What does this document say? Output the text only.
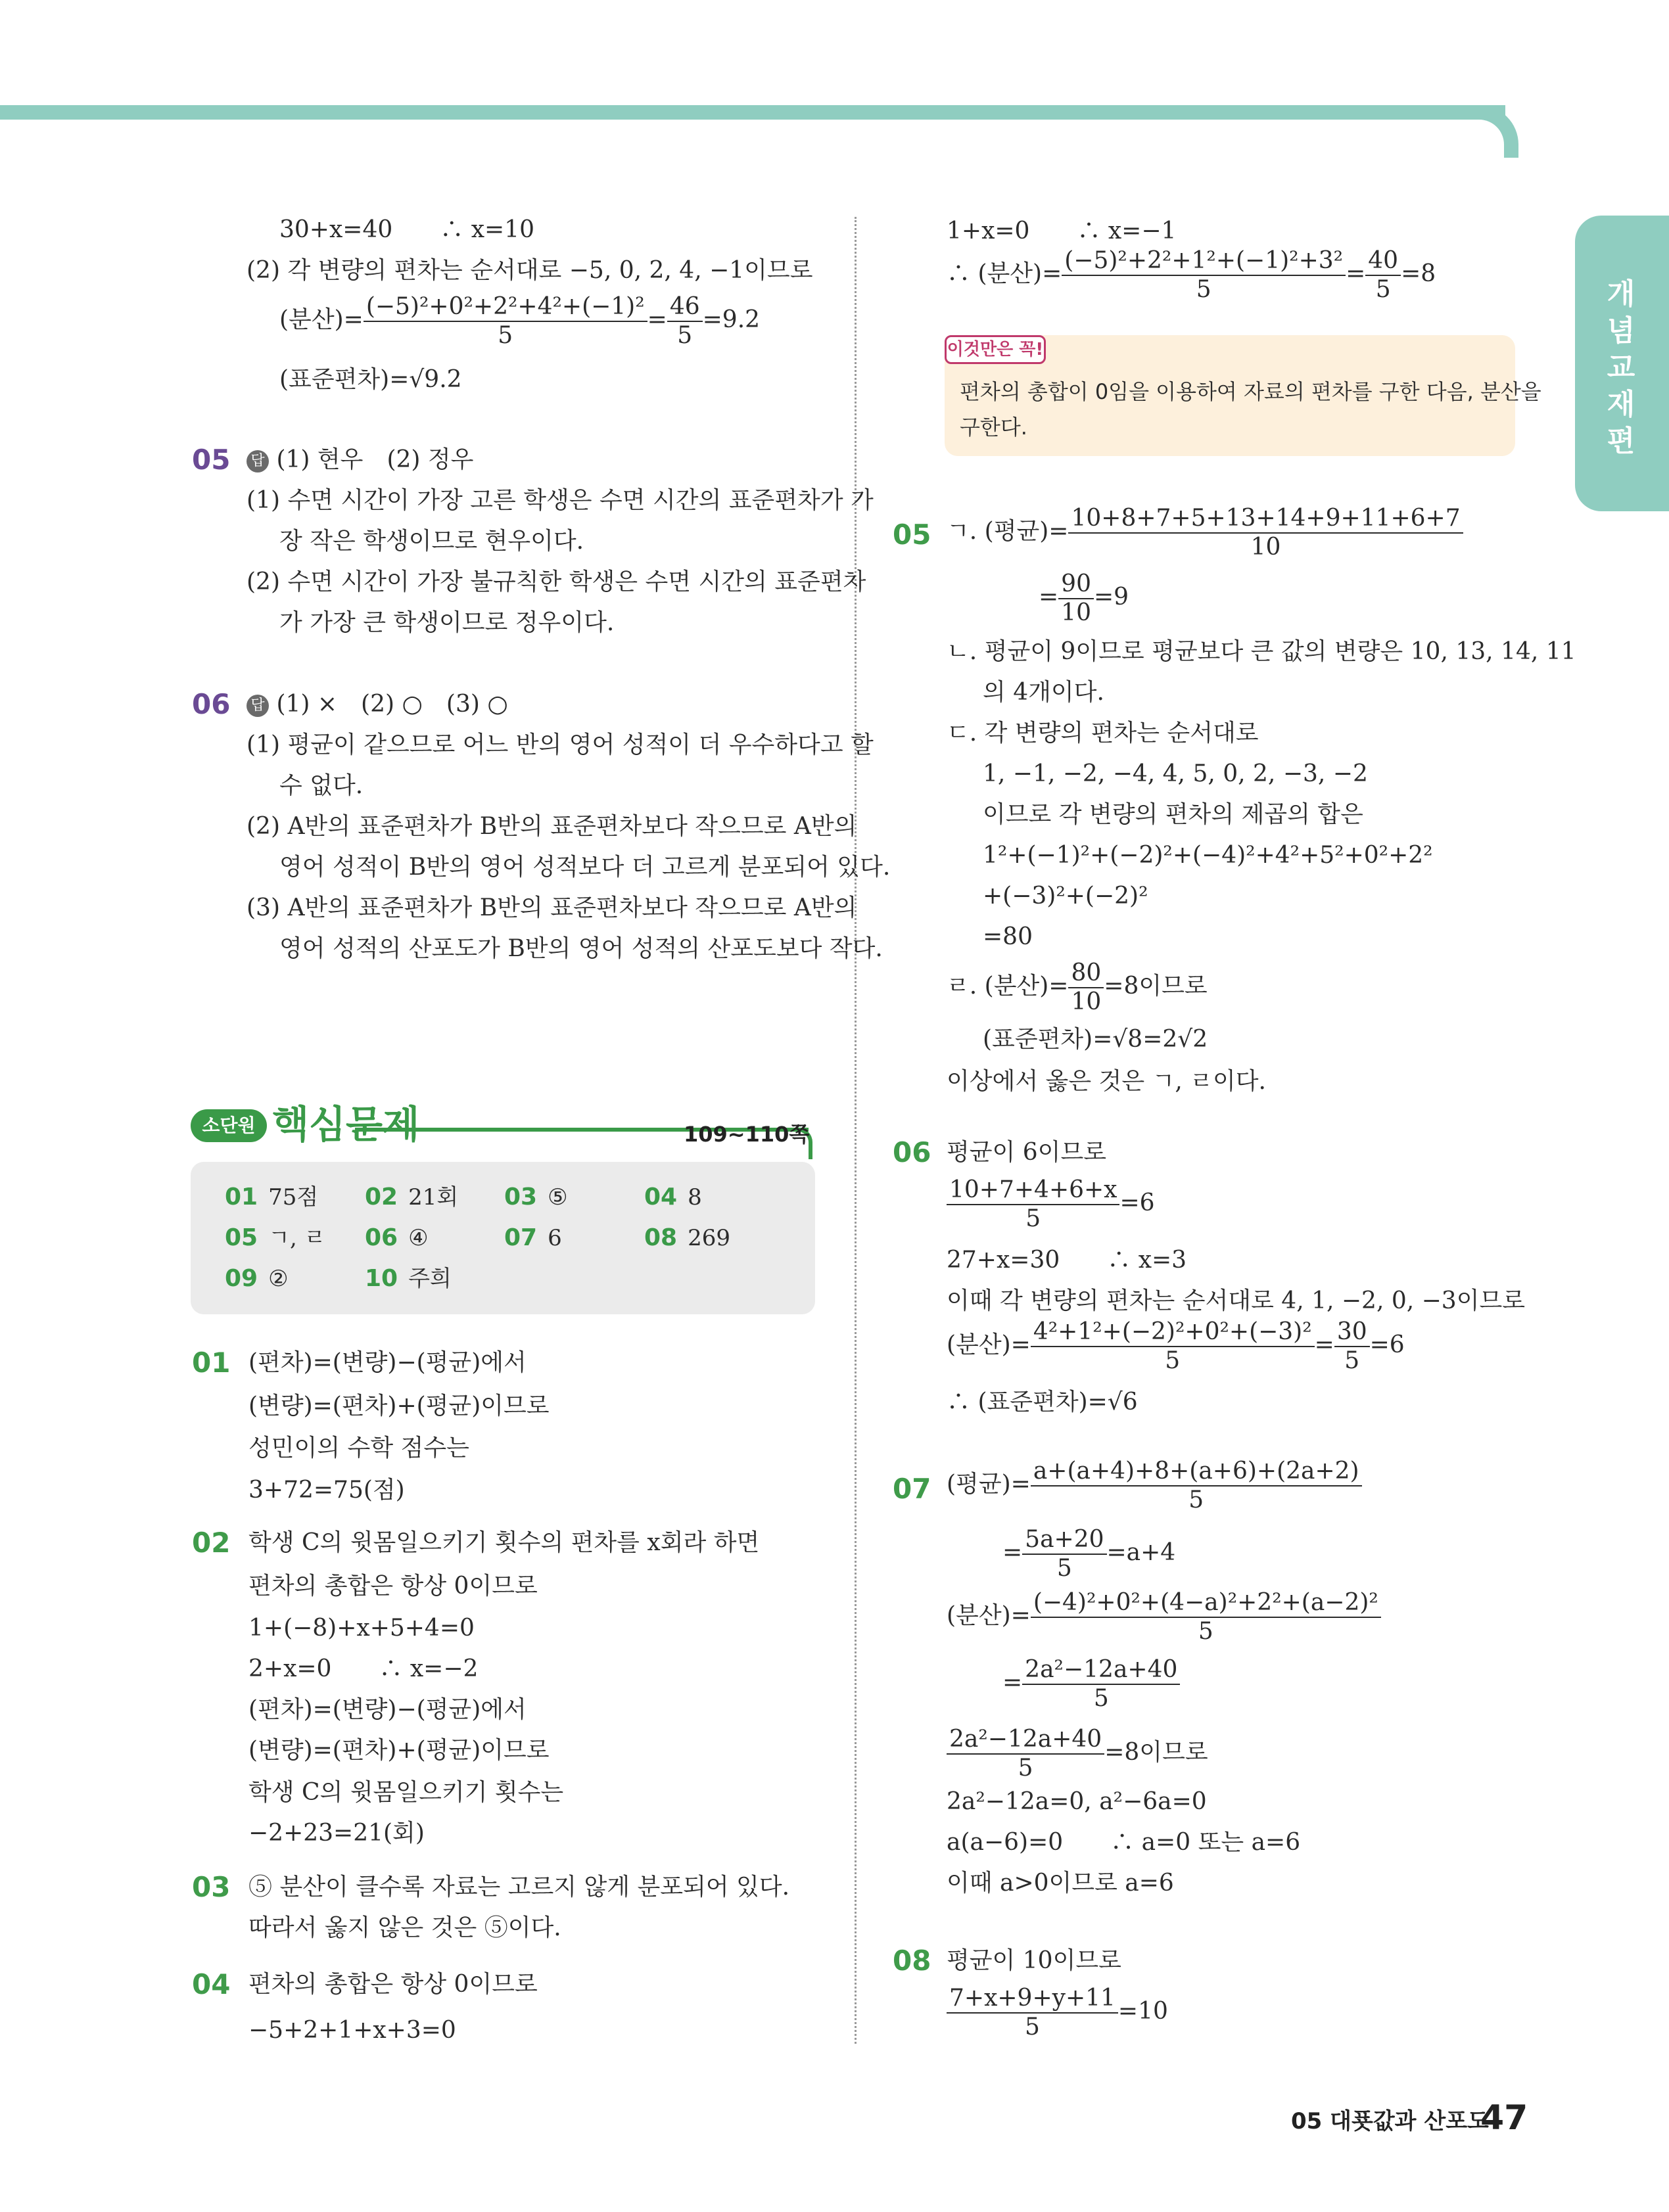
개념교재편
30+x=40　　∴ x=10
(2) 각 변량의 편차는 순서대로 −5, 0, 2, 4, −1이므로
(분산)= $\frac{\text{(−5)²+0²+2²+4²+(−1)²}}{5} = \frac{46}{5} =9.2$
(표준편차)=√9.2
05 답 (1) 현우　(2) 정우
(1) 수면 시간이 가장 고른 학생은 수면 시간의 표준편차가 가
장 작은 학생이므로 현우이다.
(2) 수면 시간이 가장 불규칙한 학생은 수면 시간의 표준편차
가 가장 큰 학생이므로 정우이다.
06 답 (1) ×　(2) ○　(3) ○
(1) 평균이 같으므로 어느 반의 영어 성적이 더 우수하다고 할
수 없다.
(2) A반의 표준편차가 B반의 표준편차보다 작으므로 A반의
영어 성적이 B반의 영어 성적보다 더 고르게 분포되어 있다.
(3) A반의 표준편차가 B반의 표준편차보다 작으므로 A반의
영어 성적의 산포도가 B반의 영어 성적의 산포도보다 작다.
소단원 핵심문제	109~110쪽
01 75점 02 21회 03 ⑤	04 8
05 ㄱ, ㄹ 06 ④	07 6	08 269
09 ②	10 주희
01 (편차)=(변량)−(평균)에서
(변량)=(편차)+(평균)이므로
성민이의 수학 점수는
3+72=75(점)
02 학생 C의 윗몸일으키기 횟수의 편차를 x회라 하면
편차의 총합은 항상 0이므로
1+(−8)+x+5+4=0
2+x=0　　∴ x=−2
(편차)=(변량)−(평균)에서
(변량)=(편차)+(평균)이므로
학생 C의 윗몸일으키기 횟수는
−2+23=21(회)
03 ⑤ 분산이 클수록 자료는 고르지 않게 분포되어 있다.
따라서 옳지 않은 것은 ⑤이다.
04 편차의 총합은 항상 0이므로
−5+2+1+x+3=0
1+x=0　　∴ x=−1
∴ (분산)= $\frac{\text{(−5)²+2²+1²+(−1)²+3²}}{5} = \frac{40}{5} =8$
이것만은 꼭!
편차의 총합이 0임을 이용하여 자료의 편차를 구한 다음, 분산을
구한다.
05 ㄱ. (평균)= $\frac{10+8+7+5+13+14+9+11+6+7}{10}$
= $\frac{90}{10} =9$
ㄴ. 평균이 9이므로 평균보다 큰 값의 변량은 10, 13, 14, 11
의 4개이다.
ㄷ. 각 변량의 편차는 순서대로
1, −1, −2, −4, 4, 5, 0, 2, −3, −2
이므로 각 변량의 편차의 제곱의 합은
1²+(−1)²+(−2)²+(−4)²+4²+5²+0²+2²
+(−3)²+(−2)²
=80
ㄹ. (분산)= $\frac{80}{10} =8$이므로
(표준편차)=√8=2√2
이상에서 옳은 것은 ㄱ, ㄹ이다.
06 평균이 6이므로
$\frac{10+7+4+6+x}{5} =6$
27+x=30　　∴ x=3
이때 각 변량의 편차는 순서대로 4, 1, −2, 0, −3이므로
(분산)= $\frac{\text{4²+1²+(−2)²+0²+(−3)²}}{5} = \frac{30}{5} =6$
∴ (표준편차)=√6
07 (평균)= $\frac{a+(a+4)+8+(a+6)+(2a+2)}{5}$
= $\frac{5a+20}{5} =a+4$
(분산)= $\frac{\text{(−4)²+0²+(4−a)²+2²+(a−2)²}}{5}$
= $\frac{\text{2a²−12a+40}}{5}$
$\frac{\text{2a²−12a+40}}{5} =8$이므로
2a²−12a=0, a²−6a=0
a(a−6)=0　　∴ a=0 또는 a=6
이때 a>0이므로 a=6
08 평균이 10이므로
$\frac{7+x+9+y+11}{5} =10$
05 대푯값과 산포도
47
